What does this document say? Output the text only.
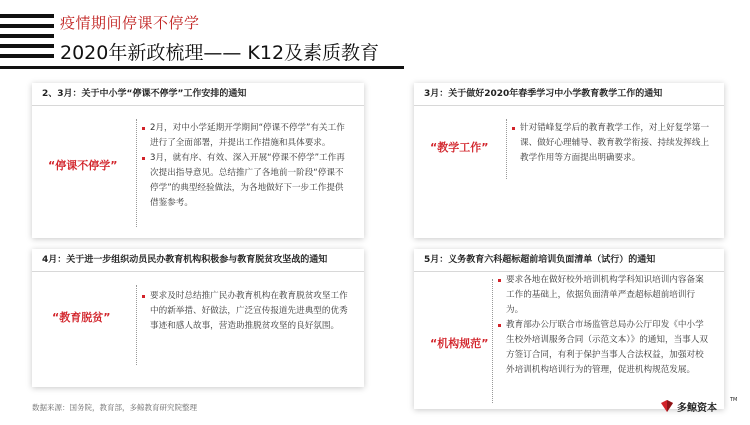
疫情期间停课不停学
2020年新政梳理—— K12及素质教育
2、3月：关于中小学“停课不停学”工作安排的通知
“停课不停学”
2月，对中小学延期开学期间“停课不停学”有关工作进行了全面部署，并提出工作措施和具体要求。
3月，就有序、有效、深入开展“停课不停学”工作再次提出指导意见。总结推广了各地前一阶段“停课不停学”的典型经验做法，为各地做好下一步工作提供借鉴参考。
3月：关于做好2020年春季学习中小学教育教学工作的通知
“教学工作”
针对错峰复学后的教育教学工作，对上好复学第一课、做好心理辅导、教育教学衔接、持续发挥线上教学作用等方面提出明确要求。
4月：关于进一步组织动员民办教育机构积极参与教育脱贫攻坚战的通知
“教育脱贫”
要求及时总结推广民办教育机构在教育脱贫攻坚工作中的新举措、好做法，广泛宣传报道先进典型的优秀事迹和感人故事，营造助推脱贫攻坚的良好氛围。
5月：义务教育六科超标超前培训负面清单（试行）的通知
“机构规范”
要求各地在做好校外培训机构学科知识培训内容备案工作的基础上，依据负面清单严查超标超前培训行为。
教育部办公厅联合市场监管总局办公厅印发《中小学生校外培训服务合同（示范文本）》的通知，当事人双方签订合同，有利于保护当事人合法权益，加强对校外培训机构培训行为的管理，促进机构规范发展。
数据来源：国务院，教育部，多鲸教育研究院整理	多鲸资本
TM
